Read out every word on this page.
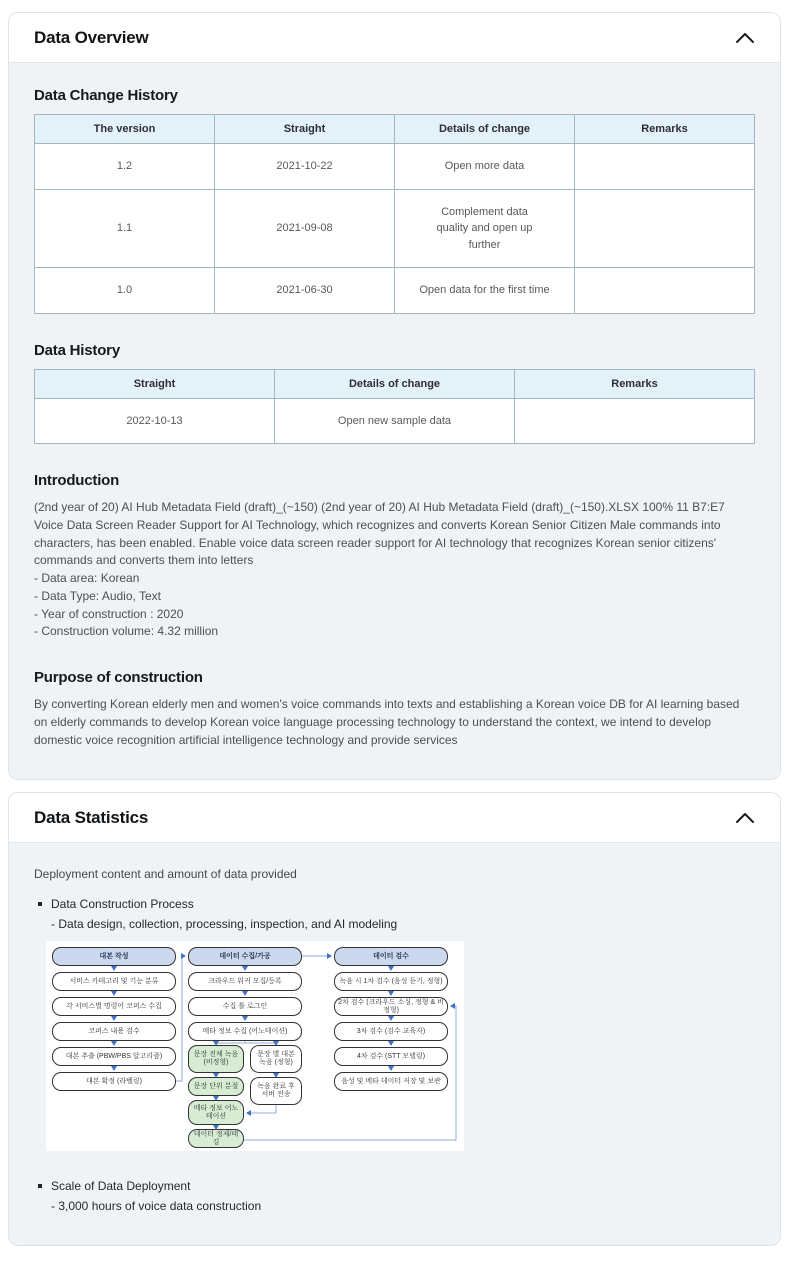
Data Overview
Data Change History
The version	Straight	Details of change	Remarks
1.2	2021-10-22	Open more data	
1.1	2021-09-08	Complement data quality and open up further	
1.0	2021-06-30	Open data for the first time	
Data History
Straight	Details of change	Remarks
2022-10-13	Open new sample data	
Introduction
(2nd year of 20) AI Hub Metadata Field (draft)_(~150) (2nd year of 20) AI Hub Metadata Field (draft)_(~150).XLSX 100% 11 B7:E7 Voice Data Screen Reader Support for AI Technology, which recognizes and converts Korean Senior Citizen Male commands into characters, has been enabled. Enable voice data screen reader support for AI technology that recognizes Korean senior citizens' commands and converts them into letters
- Data area: Korean
- Data Type: Audio, Text
- Year of construction : 2020
- Construction volume: 4.32 million
Purpose of construction
By converting Korean elderly men and women's voice commands into texts and establishing a Korean voice DB for AI learning based on elderly commands to develop Korean voice language processing technology to understand the context, we intend to develop domestic voice recognition artificial intelligence technology and provide services
Data Statistics
Deployment content and amount of data provided
Data Construction Process
- Data design, collection, processing, inspection, and AI modeling
대본 작성
서비스 카테고리 및 기능 분류
각 서비스별 명령어 코퍼스 수집
코퍼스 내용 검수
대본 추출 (PBW/PBS 알고리즘)
대본 확정 (라벨링)
데이터 수집/가공
크라우드 워커 모집/등록
수집 툴 로그인
메타 정보 수집 (어노테이션)
문장 전체 녹음 (비정형)
문장 별 대본 녹음 (정형)
문장 단위 분절	녹음 완료 후 서버 전송
메타 정보 어노테이션
데이터 정제/태깅
데이터 검수
녹음 시 1차 검수 (음성 듣기, 정형)
2차 검수 (크라우드 소싱, 정형 & 비정형)
3차 검수 (검수 교육자)
4차 검수 (STT 모델링)
음성 및 메타 데이터 저장 및 보관
Scale of Data Deployment
- 3,000 hours of voice data construction
